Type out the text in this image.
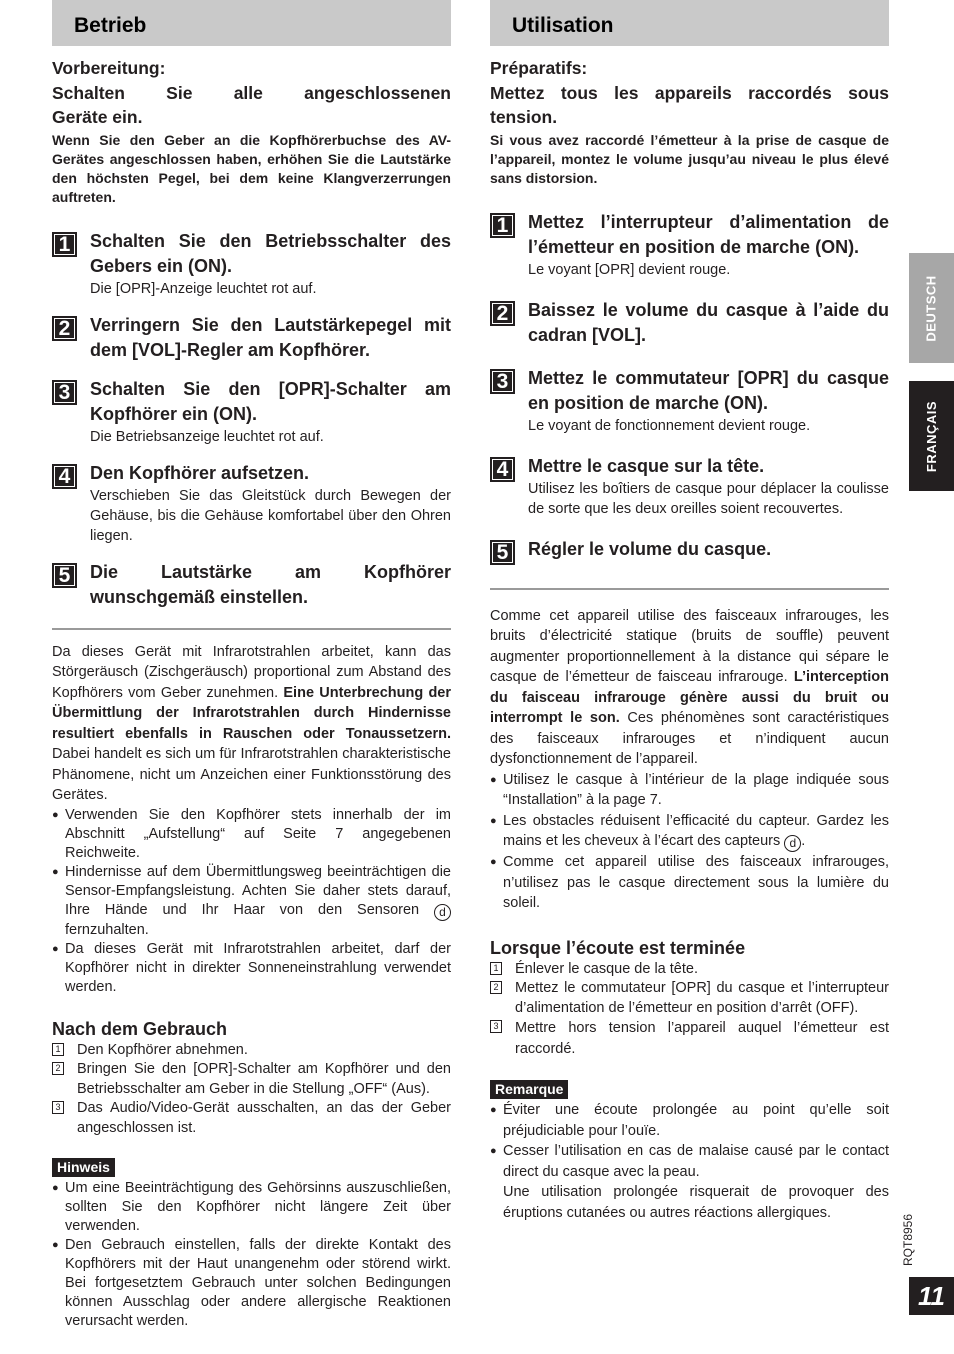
Betrieb
Vorbereitung:
Schalten Sie alle angeschlossenen
Geräte ein.
Wenn Sie den Geber an die Kopfhörerbuchse des AV-Gerätes angeschlossen haben, erhöhen Sie die Lautstärke den höchsten Pegel, bei dem keine Klangverzerrungen auftreten.
1	Schalten Sie den Betriebsschalter des Gebers ein (ON).
Die [OPR]-Anzeige leuchtet rot auf.
2	Verringern Sie den Lautstärkepegel mit dem [VOL]-Regler am Kopfhörer.
3	Schalten Sie den [OPR]-Schalter am Kopfhörer ein (ON).
Die Betriebsanzeige leuchtet rot auf.
4	Den Kopfhörer aufsetzen.
Verschieben Sie das Gleitstück durch Bewegen der Gehäuse, bis die Gehäuse komfortabel über den Ohren liegen.
5	Die Lautstärke am Kopfhörer wunschgemäß einstellen.
Da dieses Gerät mit Infrarotstrahlen arbeitet, kann das Störgeräusch (Zischgeräusch) proportional zum Abstand des Kopfhörers vom Geber zunehmen. Eine Unterbrechung der Übermittlung der Infrarotstrahlen durch Hindernisse resultiert ebenfalls in Rauschen oder Tonaussetzern. Dabei handelt es sich um für Infrarotstrahlen charakteristische Phänomene, nicht um Anzeichen einer Funktionsstörung des Gerätes.
● Verwenden Sie den Kopfhörer stets innerhalb der im Abschnitt „Aufstellung“ auf Seite 7 angegebenen Reichweite.
● Hindernisse auf dem Übermittlungsweg beeinträchtigen die Sensor-Empfangsleistung. Achten Sie daher stets darauf, Ihre Hände und Ihr Haar von den Sensoren d fernzuhalten.
● Da dieses Gerät mit Infrarotstrahlen arbeitet, darf der Kopfhörer nicht in direkter Sonneneinstrahlung verwendet werden.
Nach dem Gebrauch
1 Den Kopfhörer abnehmen.
2 Bringen Sie den [OPR]-Schalter am Kopfhörer und den Betriebsschalter am Geber in die Stellung „OFF“ (Aus).
3 Das Audio/Video-Gerät ausschalten, an das der Geber angeschlossen ist.
Hinweis
● Um eine Beeinträchtigung des Gehörsinns auszuschließen, sollten Sie den Kopfhörer nicht längere Zeit über verwenden.
● Den Gebrauch einstellen, falls der direkte Kontakt des Kopfhörers mit der Haut unangenehm oder störend wirkt. Bei fortgesetztem Gebrauch unter solchen Bedingungen können Ausschlag oder andere allergische Reaktionen verursacht werden.
Utilisation
Préparatifs:
Mettez tous les appareils raccordés sous
tension.
Si vous avez raccordé l’émetteur à la prise de casque de l’appareil, montez le volume jusqu’au niveau le plus élevé sans distorsion.
1	Mettez l’interrupteur d’alimentation de l’émetteur en position de marche (ON).
Le voyant [OPR] devient rouge.
2	Baissez le volume du casque à l’aide du cadran [VOL].
3	Mettez le commutateur [OPR] du casque en position de marche (ON).
Le voyant de fonctionnement devient rouge.
4	Mettre le casque sur la tête.
Utilisez les boîtiers de casque pour déplacer la coulisse de sorte que les deux oreilles soient recouvertes.
5	Régler le volume du casque.
Comme cet appareil utilise des faisceaux infrarouges, les bruits d’électricité statique (bruits de souffle) peuvent augmenter proportionnellement à la distance qui sépare le casque de l’émetteur de faisceau infrarouge. L’interception du faisceau infrarouge génère aussi du bruit ou interrompt le son. Ces phénomènes sont caractéristiques des faisceaux infrarouges et n’indiquent aucun dysfonctionnement de l’appareil.
● Utilisez le casque à l’intérieur de la plage indiquée sous “Installation” à la page 7.
● Les obstacles réduisent l’efficacité du capteur. Gardez les mains et les cheveux à l’écart des capteurs d .
● Comme cet appareil utilise des faisceaux infrarouges, n’utilisez pas le casque directement sous la lumière du soleil.
Lorsque l’écoute est terminée
1 Énlever le casque de la tête.
2 Mettez le commutateur [OPR] du casque et l’interrupteur d’alimentation de l’émetteur en position d’arrêt (OFF).
3 Mettre hors tension l’appareil auquel l’émetteur est raccordé.
Remarque
● Éviter une écoute prolongée au point qu’elle soit préjudiciable pour l’ouïe.
● Cesser l’utilisation en cas de malaise causé par le contact direct du casque avec la peau.
Une utilisation prolongée risquerait de provoquer des éruptions cutanées ou autres réactions allergiques.
DEUTSCH
FRANÇAIS
RQT8956
11
